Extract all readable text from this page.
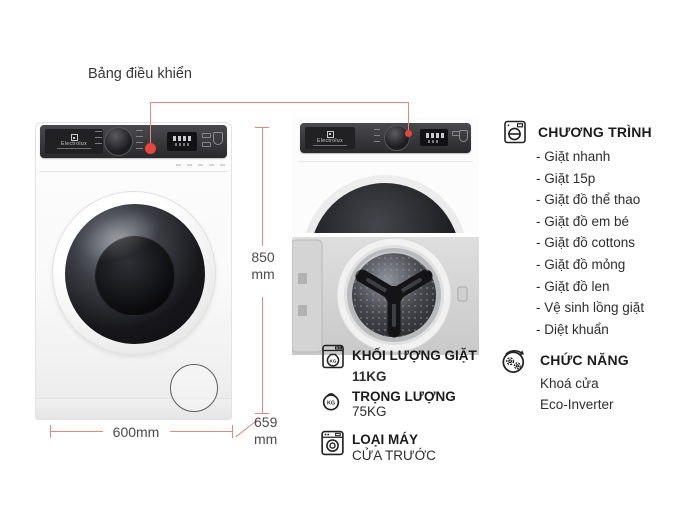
Bảng điều khiển
Electrolux
Electrolux
850
mm
600mm
659
mm
CHƯƠNG TRÌNH
- Giặt nhanh
- Giặt 15p
- Giặt đồ thể thao
- Giặt đồ em bé
- Giặt đồ cottons
- Giặt đồ mỏng
- Giặt đồ len
- Vệ sinh lồng giặt
- Diệt khuẩn
CHỨC NĂNG
Khoá cửa
Eco-Inverter
KG KHỐI LƯỢNG GIẶT
11KG
KG TRỌNG LƯỢNG
75KG
LOẠI MÁY
CỬA TRƯỚC
